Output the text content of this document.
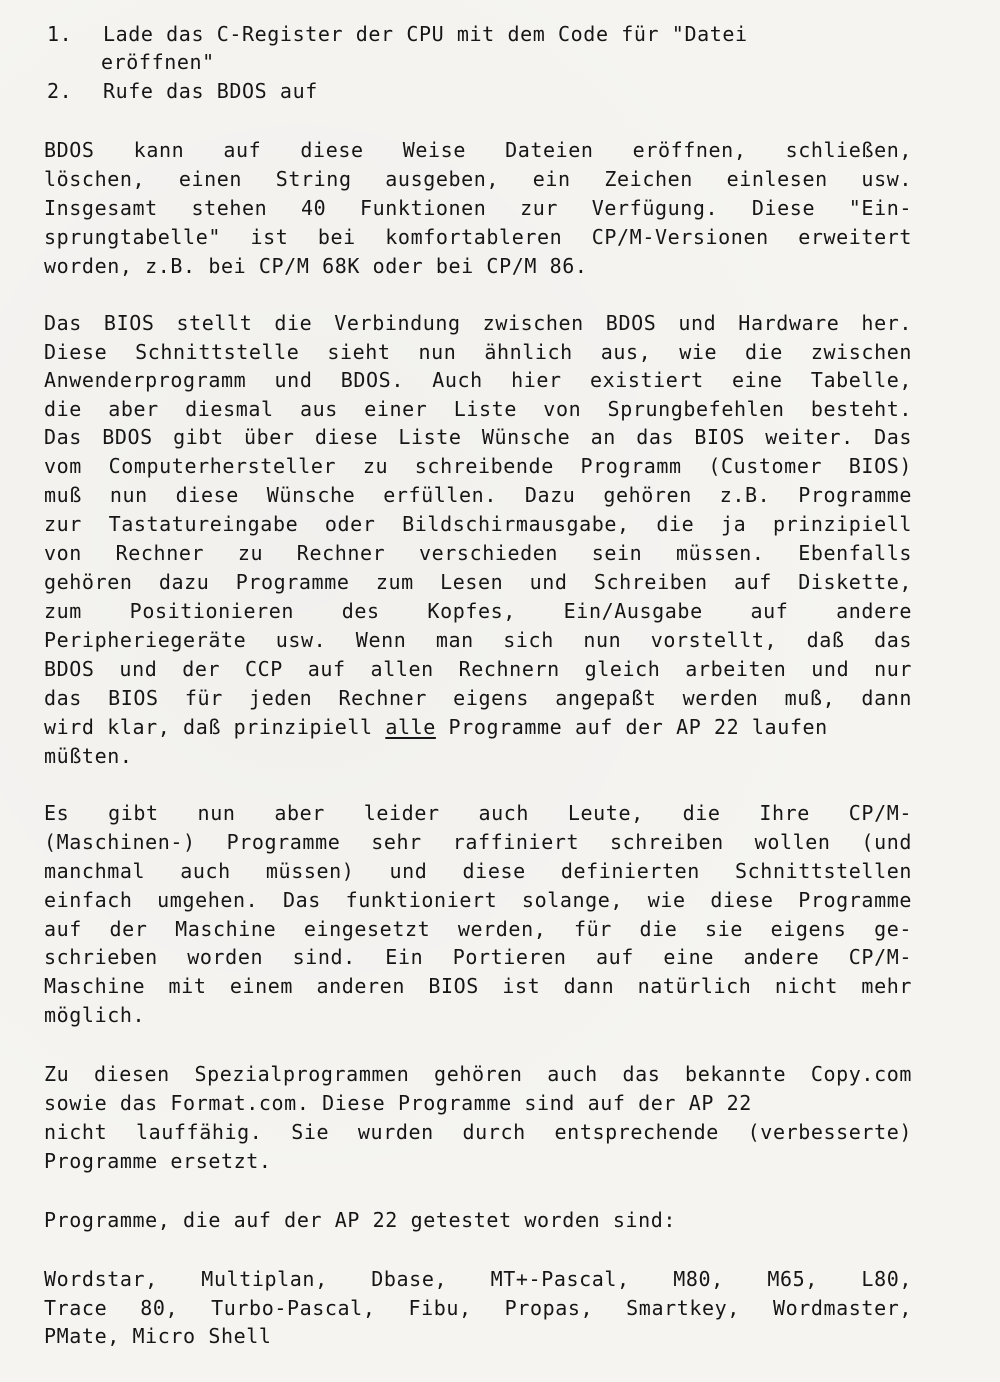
1. Lade das C-Register der CPU mit dem Code für "Datei
eröffnen"
2. Rufe das BDOS auf
BDOS kann auf diese Weise Dateien eröffnen, schließen,
löschen, einen String ausgeben, ein Zeichen einlesen usw.
Insgesamt stehen 40 Funktionen zur Verfügung. Diese "Ein-
sprungtabelle" ist bei komfortableren CP/M-Versionen erweitert
worden, z.B. bei CP/M 68K oder bei CP/M 86.
Das BIOS stellt die Verbindung zwischen BDOS und Hardware her.
Diese Schnittstelle sieht nun ähnlich aus, wie die zwischen
Anwenderprogramm und BDOS. Auch hier existiert eine Tabelle,
die aber diesmal aus einer Liste von Sprungbefehlen besteht.
Das BDOS gibt über diese Liste Wünsche an das BIOS weiter. Das
vom Computerhersteller zu schreibende Programm (Customer BIOS)
muß nun diese Wünsche erfüllen. Dazu gehören z.B. Programme
zur Tastatureingabe oder Bildschirmausgabe, die ja prinzipiell
von Rechner zu Rechner verschieden sein müssen. Ebenfalls
gehören dazu Programme zum Lesen und Schreiben auf Diskette,
zum Positionieren des Kopfes, Ein/Ausgabe auf andere
Peripheriegeräte usw. Wenn man sich nun vorstellt, daß das
BDOS und der CCP auf allen Rechnern gleich arbeiten und nur
das BIOS für jeden Rechner eigens angepaßt werden muß, dann
wird klar, daß prinzipiell alle Programme auf der AP 22 laufen
müßten.
Es gibt nun aber leider auch Leute, die Ihre CP/M-
(Maschinen-) Programme sehr raffiniert schreiben wollen (und
manchmal auch müssen) und diese definierten Schnittstellen
einfach umgehen. Das funktioniert solange, wie diese Programme
auf der Maschine eingesetzt werden, für die sie eigens ge-
schrieben worden sind. Ein Portieren auf eine andere CP/M-
Maschine mit einem anderen BIOS ist dann natürlich nicht mehr
möglich.
Zu diesen Spezialprogrammen gehören auch das bekannte Copy.com
sowie das Format.com. Diese Programme sind auf der AP 22
nicht lauffähig. Sie wurden durch entsprechende (verbesserte)
Programme ersetzt.
Programme, die auf der AP 22 getestet worden sind:
Wordstar, Multiplan, Dbase, MT+-Pascal, M80, M65, L80,
Trace 80, Turbo-Pascal, Fibu, Propas, Smartkey, Wordmaster,
PMate, Micro Shell
